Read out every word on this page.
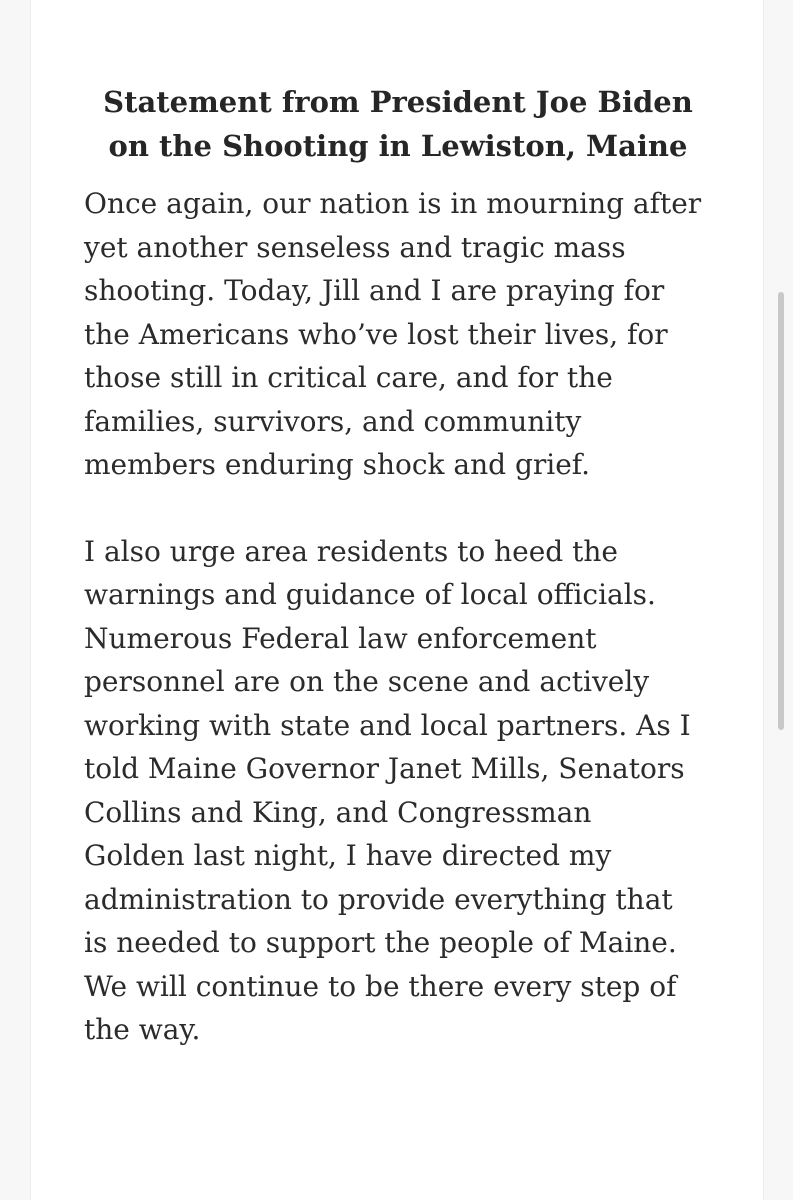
Statement from President Joe Biden
on the Shooting in Lewiston, Maine

Once again, our nation is in mourning after
yet another senseless and tragic mass
shooting. Today, Jill and I are praying for
the Americans who’ve lost their lives, for
those still in critical care, and for the
families, survivors, and community
members enduring shock and grief.

I also urge area residents to heed the
warnings and guidance of local officials.
Numerous Federal law enforcement
personnel are on the scene and actively
working with state and local partners. As I
told Maine Governor Janet Mills, Senators
Collins and King, and Congressman
Golden last night, I have directed my
administration to provide everything that
is needed to support the people of Maine.
We will continue to be there every step of
the way.
